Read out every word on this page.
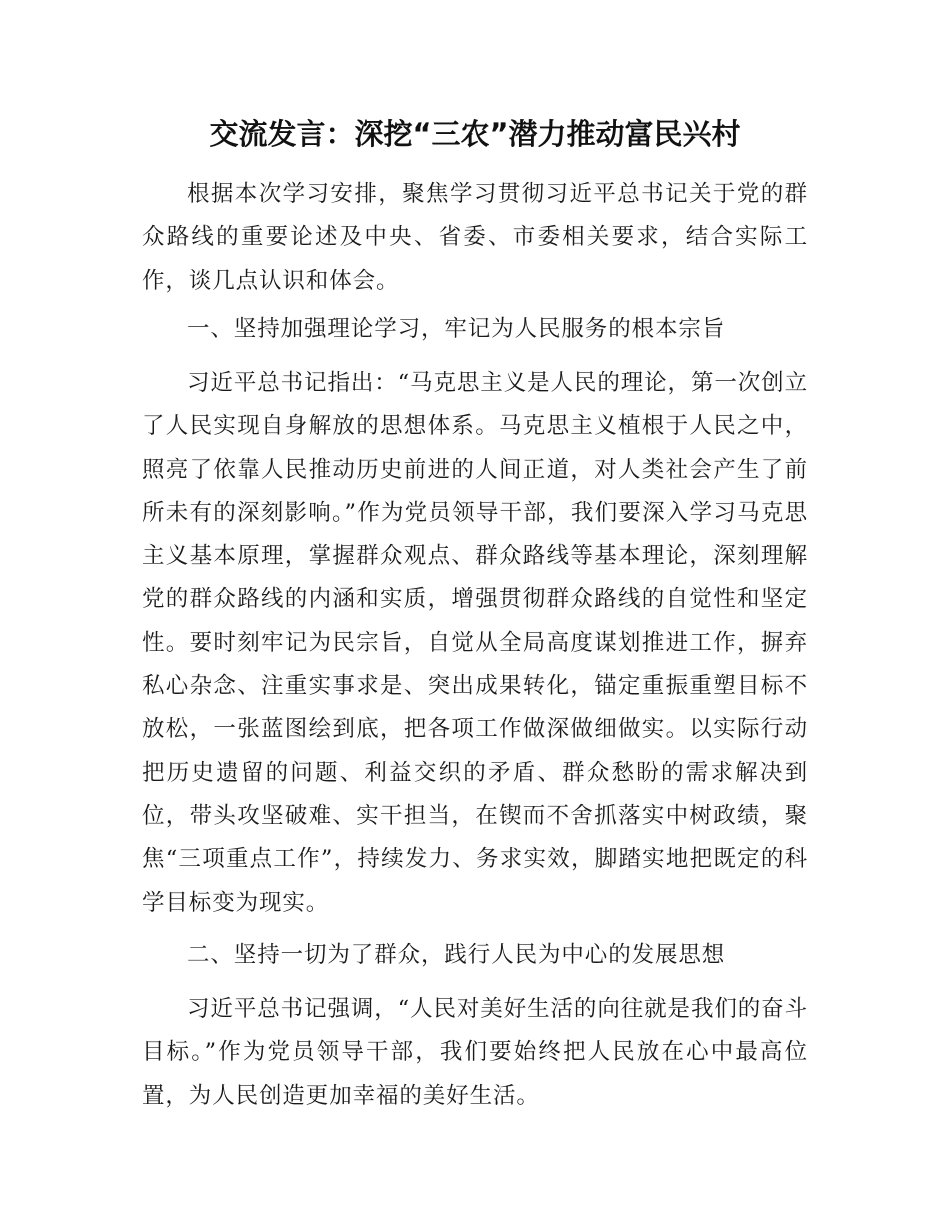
交流发言：深挖“三农”潜力推动富民兴村

根据本次学习安排，聚焦学习贯彻习近平总书记关于党的群众路线的重要论述及中央、省委、市委相关要求，结合实际工作，谈几点认识和体会。

一、坚持加强理论学习，牢记为人民服务的根本宗旨

习近平总书记指出：“马克思主义是人民的理论，第一次创立了人民实现自身解放的思想体系。马克思主义植根于人民之中，照亮了依靠人民推动历史前进的人间正道，对人类社会产生了前所未有的深刻影响。”作为党员领导干部，我们要深入学习马克思主义基本原理，掌握群众观点、群众路线等基本理论，深刻理解党的群众路线的内涵和实质，增强贯彻群众路线的自觉性和坚定性。要时刻牢记为民宗旨，自觉从全局高度谋划推进工作，摒弃私心杂念、注重实事求是、突出成果转化，锚定重振重塑目标不放松，一张蓝图绘到底，把各项工作做深做细做实。以实际行动把历史遗留的问题、利益交织的矛盾、群众愁盼的需求解决到位，带头攻坚破难、实干担当，在锲而不舍抓落实中树政绩，聚焦“三项重点工作”，持续发力、务求实效，脚踏实地把既定的科学目标变为现实。

二、坚持一切为了群众，践行人民为中心的发展思想

习近平总书记强调，“人民对美好生活的向往就是我们的奋斗目标。”作为党员领导干部，我们要始终把人民放在心中最高位置，为人民创造更加幸福的美好生活。
